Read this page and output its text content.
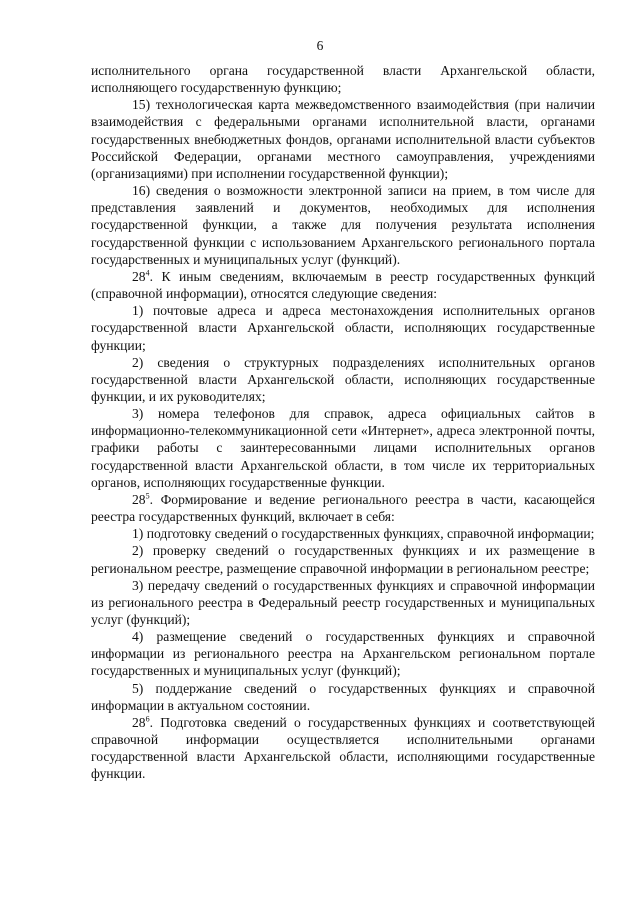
6

исполнительного органа государственной власти Архангельской области, исполняющего государственную функцию;

15) технологическая карта межведомственного взаимодействия (при наличии взаимодействия с федеральными органами исполнительной власти, органами государственных внебюджетных фондов, органами исполнительной власти субъектов Российской Федерации, органами местного самоуправления, учреждениями (организациями) при исполнении государственной функции);

16) сведения о возможности электронной записи на прием, в том числе для представления заявлений и документов, необходимых для исполнения государственной функции, а также для получения результата исполнения государственной функции с использованием Архангельского регионального портала государственных и муниципальных услуг (функций).

$28^4$. К иным сведениям, включаемым в реестр государственных функций (справочной информации), относятся следующие сведения:

1) почтовые адреса и адреса местонахождения исполнительных органов государственной власти Архангельской области, исполняющих государственные функции;

2) сведения о структурных подразделениях исполнительных органов государственной власти Архангельской области, исполняющих государственные функции, и их руководителях;

3) номера телефонов для справок, адреса официальных сайтов в информационно-телекоммуникационной сети «Интернет», адреса электронной почты, графики работы с заинтересованными лицами исполнительных органов государственной власти Архангельской области, в том числе их территориальных органов, исполняющих государственные функции.

$28^5$. Формирование и ведение регионального реестра в части, касающейся реестра государственных функций, включает в себя:

1) подготовку сведений о государственных функциях, справочной информации;

2) проверку сведений о государственных функциях и их размещение в региональном реестре, размещение справочной информации в региональном реестре;

3) передачу сведений о государственных функциях и справочной информации из регионального реестра в Федеральный реестр государственных и муниципальных услуг (функций);

4) размещение сведений о государственных функциях и справочной информации из регионального реестра на Архангельском региональном портале государственных и муниципальных услуг (функций);

5) поддержание сведений о государственных функциях и справочной информации в актуальном состоянии.

$28^6$. Подготовка сведений о государственных функциях и соответствующей справочной информации осуществляется исполнительными органами государственной власти Архангельской области, исполняющими государственные функции.
